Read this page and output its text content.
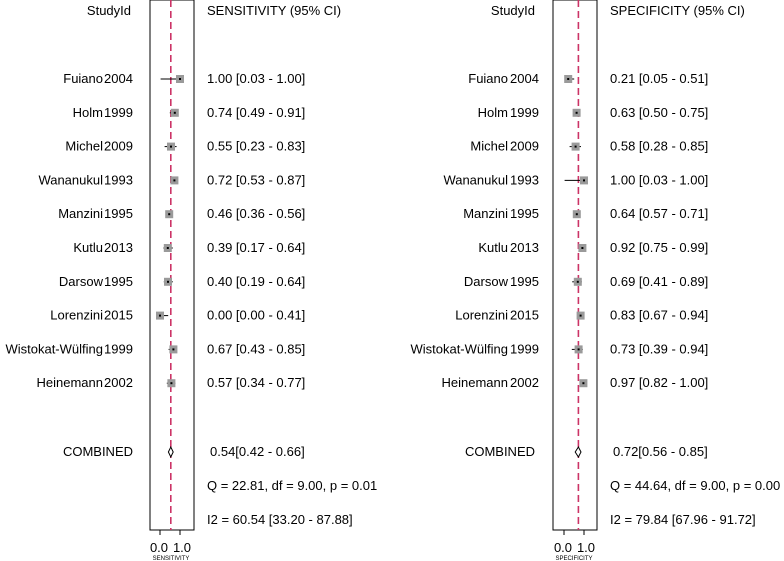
StudyId	SENSITIVITY (95% CI)
Fuiano 2004	1.00 [0.03 - 1.00]
Holm 1999	0.74 [0.49 - 0.91]
Michel 2009	0.55 [0.23 - 0.83]
Wananukul 1993	0.72 [0.53 - 0.87]
Manzini 1995	0.46 [0.36 - 0.56]
Kutlu 2013	0.39 [0.17 - 0.64]
Darsow 1995	0.40 [0.19 - 0.64]
Lorenzini 2015	0.00 [0.00 - 0.41]
Wistokat-Wülfing 1999	0.67 [0.43 - 0.85]
Heinemann 2002	0.57 [0.34 - 0.77]
COMBINED	0.54[0.42 - 0.66]
Q = 22.81, df = 9.00, p = 0.01
I2 = 60.54 [33.20 - 87.88]
0.0 1.0
SENSITIVITY
StudyId	SPECIFICITY (95% CI)
Fuiano 2004	0.21 [0.05 - 0.51]
Holm 1999	0.63 [0.50 - 0.75]
Michel 2009	0.58 [0.28 - 0.85]
Wananukul 1993	1.00 [0.03 - 1.00]
Manzini 1995	0.64 [0.57 - 0.71]
Kutlu 2013	0.92 [0.75 - 0.99]
Darsow 1995	0.69 [0.41 - 0.89]
Lorenzini 2015	0.83 [0.67 - 0.94]
Wistokat-Wülfing 1999	0.73 [0.39 - 0.94]
Heinemann 2002	0.97 [0.82 - 1.00]
COMBINED	0.72[0.56 - 0.85]
Q = 44.64, df = 9.00, p = 0.00
I2 = 79.84 [67.96 - 91.72]
0.0 1.0
SPECIFICITY
